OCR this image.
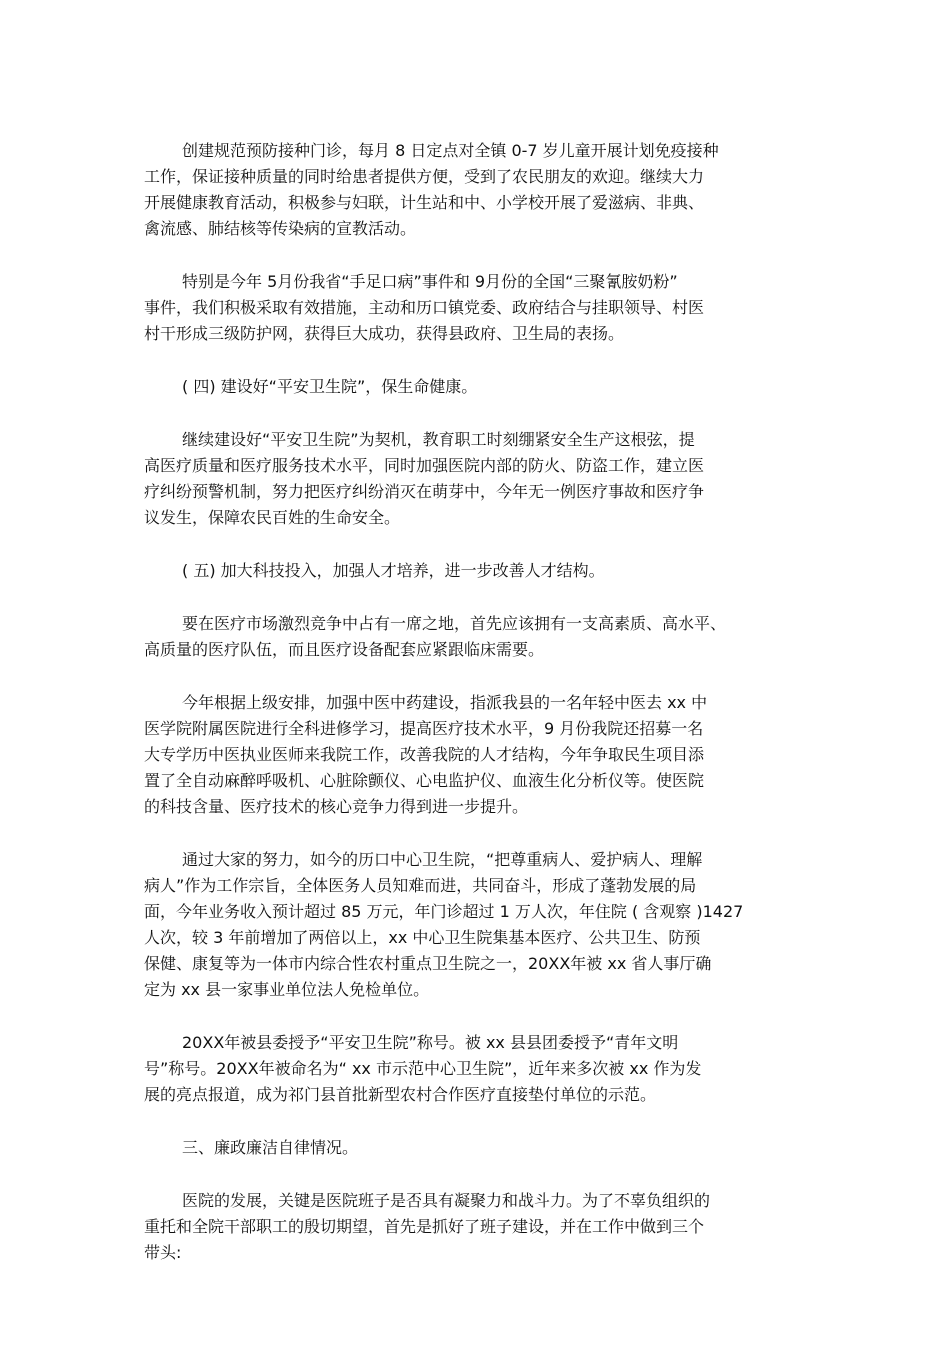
创建规范预防接种门诊，每月 8 日定点对全镇 0-7 岁儿童开展计划免疫接种
工作，保证接种质量的同时给患者提供方便，受到了农民朋友的欢迎。继续大力
开展健康教育活动，积极参与妇联，计生站和中、小学校开展了爱滋病、非典、
禽流感、肺结核等传染病的宣教活动。

特别是今年 5月份我省“手足口病”事件和 9月份的全国“三聚氰胺奶粉”
事件，我们积极采取有效措施，主动和历口镇党委、政府结合与挂职领导、村医
村干形成三级防护网，获得巨大成功，获得县政府、卫生局的表扬。

( 四) 建设好“平安卫生院”，保生命健康。

继续建设好“平安卫生院”为契机，教育职工时刻绷紧安全生产这根弦，提
高医疗质量和医疗服务技术水平，同时加强医院内部的防火、防盗工作，建立医
疗纠纷预警机制，努力把医疗纠纷消灭在萌芽中，今年无一例医疗事故和医疗争
议发生，保障农民百姓的生命安全。

( 五) 加大科技投入，加强人才培养，进一步改善人才结构。

要在医疗市场激烈竞争中占有一席之地，首先应该拥有一支高素质、高水平、
高质量的医疗队伍，而且医疗设备配套应紧跟临床需要。

今年根据上级安排，加强中医中药建设，指派我县的一名年轻中医去 xx 中
医学院附属医院进行全科进修学习，提高医疗技术水平，9 月份我院还招募一名
大专学历中医执业医师来我院工作，改善我院的人才结构，今年争取民生项目添
置了全自动麻醉呼吸机、心脏除颤仪、心电监护仪、血液生化分析仪等。使医院
的科技含量、医疗技术的核心竞争力得到进一步提升。

通过大家的努力，如今的历口中心卫生院，“把尊重病人、爱护病人、理解
病人”作为工作宗旨，全体医务人员知难而进，共同奋斗，形成了蓬勃发展的局
面，今年业务收入预计超过 85 万元，年门诊超过 1 万人次，年住院 ( 含观察 )1427
人次，较 3 年前增加了两倍以上，xx 中心卫生院集基本医疗、公共卫生、防预
保健、康复等为一体市内综合性农村重点卫生院之一，20XX年被 xx 省人事厅确
定为 xx 县一家事业单位法人免检单位。

20XX年被县委授予“平安卫生院”称号。被 xx 县县团委授予“青年文明
号”称号。20XX年被命名为“ xx 市示范中心卫生院”，近年来多次被 xx 作为发
展的亮点报道，成为祁门县首批新型农村合作医疗直接垫付单位的示范。

三、廉政廉洁自律情况。

医院的发展，关键是医院班子是否具有凝聚力和战斗力。为了不辜负组织的
重托和全院干部职工的殷切期望，首先是抓好了班子建设，并在工作中做到三个
带头:
